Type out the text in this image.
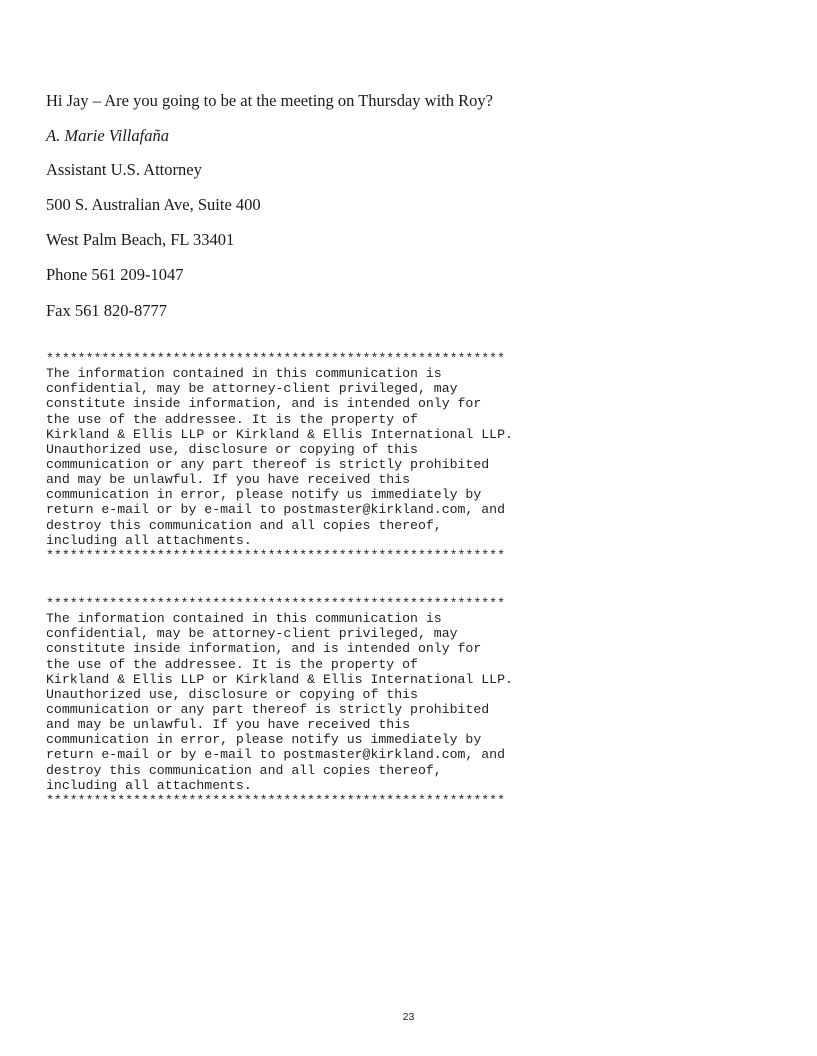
Hi Jay – Are you going to be at the meeting on Thursday with Roy?

A. Marie Villafaña

Assistant U.S. Attorney

500 S. Australian Ave, Suite 400

West Palm Beach, FL 33401

Phone 561 209-1047

Fax 561 820-8777

**********************************************************
The information contained in this communication is
confidential, may be attorney-client privileged, may
constitute inside information, and is intended only for
the use of the addressee. It is the property of
Kirkland & Ellis LLP or Kirkland & Ellis International LLP.
Unauthorized use, disclosure or copying of this
communication or any part thereof is strictly prohibited
and may be unlawful. If you have received this
communication in error, please notify us immediately by
return e-mail or by e-mail to postmaster@kirkland.com, and
destroy this communication and all copies thereof,
including all attachments.
**********************************************************
**********************************************************
The information contained in this communication is
confidential, may be attorney-client privileged, may
constitute inside information, and is intended only for
the use of the addressee. It is the property of
Kirkland & Ellis LLP or Kirkland & Ellis International LLP.
Unauthorized use, disclosure or copying of this
communication or any part thereof is strictly prohibited
and may be unlawful. If you have received this
communication in error, please notify us immediately by
return e-mail or by e-mail to postmaster@kirkland.com, and
destroy this communication and all copies thereof,
including all attachments.
**********************************************************
23
